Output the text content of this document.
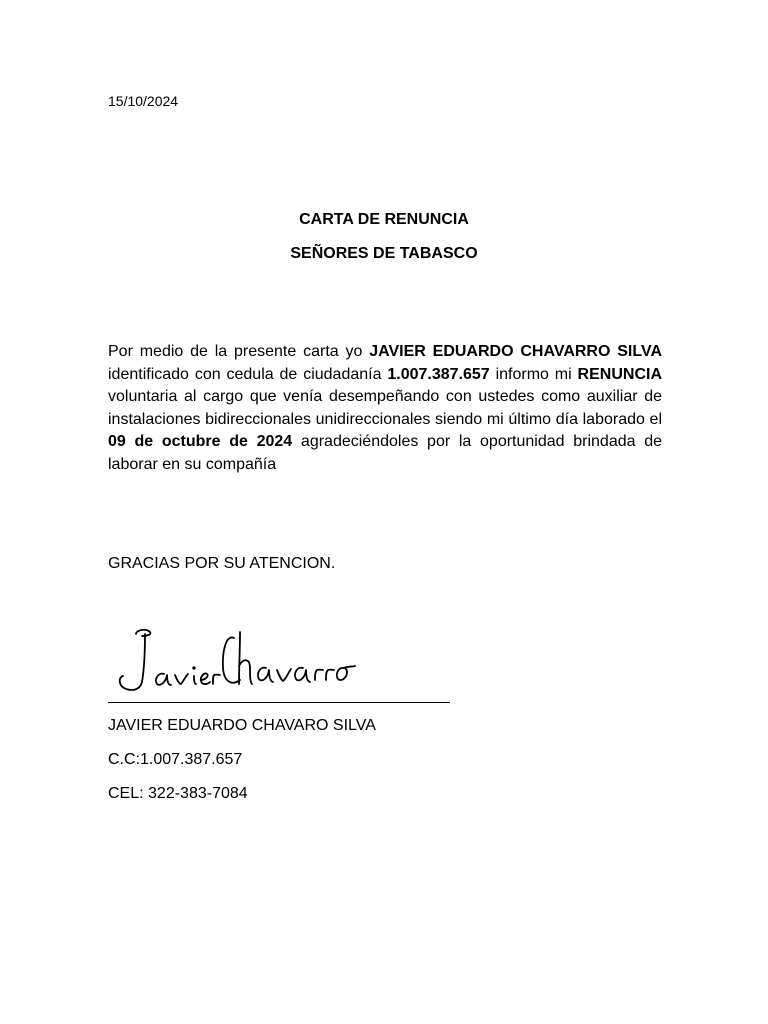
15/10/2024
CARTA DE RENUNCIA
SEÑORES DE TABASCO
Por medio de la presente carta yo JAVIER EDUARDO CHAVARRO SILVA identificado con cedula de ciudadanía 1.007.387.657 informo mi RENUNCIA voluntaria al cargo que venía desempeñando con ustedes como auxiliar de instalaciones bidireccionales unidireccionales siendo mi último día laborado el 09 de octubre de 2024 agradeciéndoles por la oportunidad brindada de laborar en su compañía
GRACIAS POR SU ATENCION.
JAVIER EDUARDO CHAVARO SILVA
C.C:1.007.387.657
CEL: 322-383-7084
